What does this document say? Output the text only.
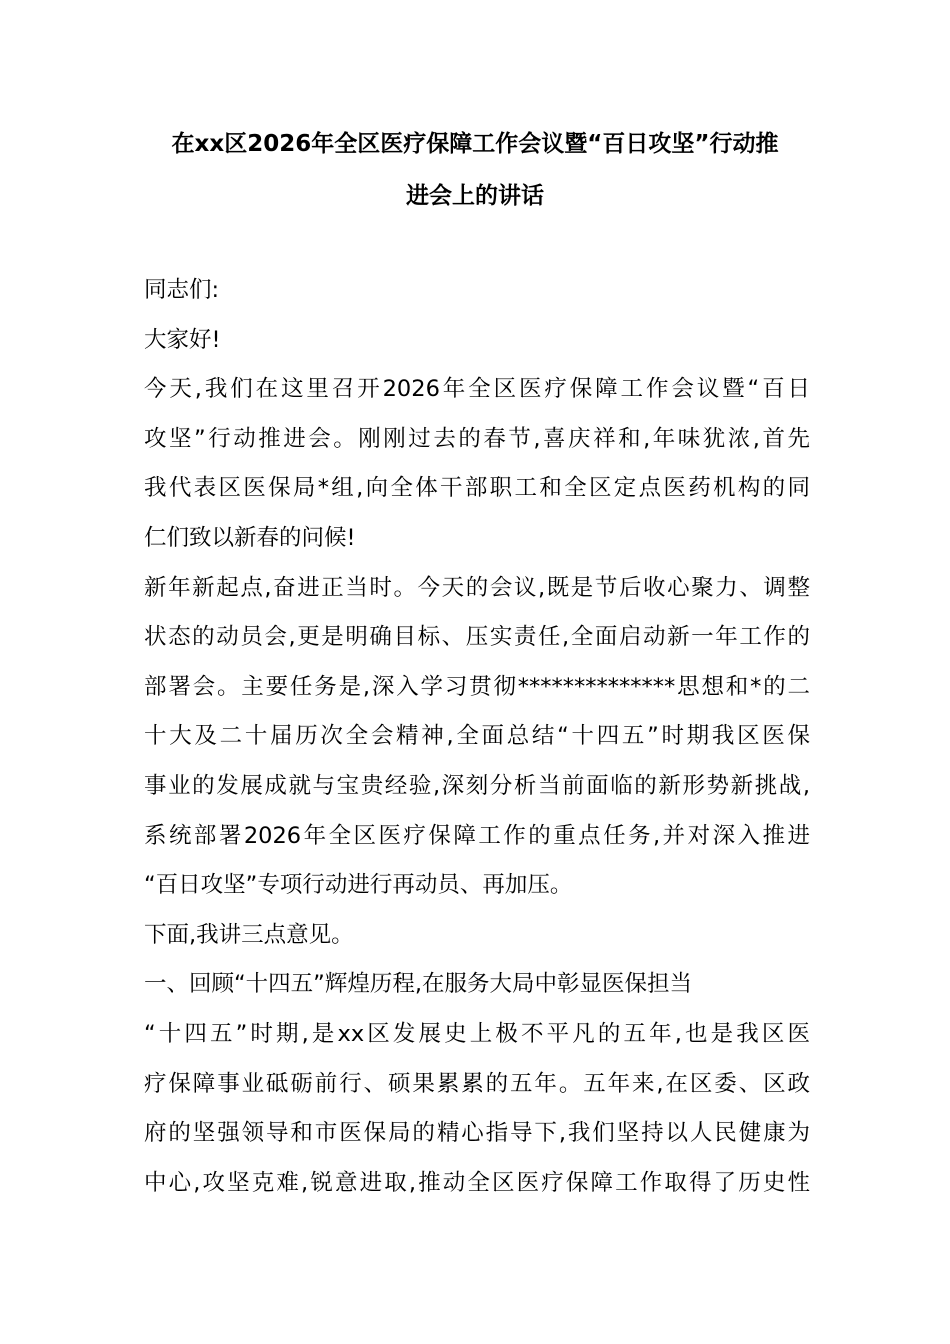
在xx区2026年全区医疗保障工作会议暨“百日攻坚”行动推
进会上的讲话
同志们:
大家好!
今天,我们在这里召开2026年全区医疗保障工作会议暨“百日
攻坚”行动推进会。刚刚过去的春节,喜庆祥和,年味犹浓,首先
我代表区医保局*组,向全体干部职工和全区定点医药机构的同
仁们致以新春的问候!
新年新起点,奋进正当时。今天的会议,既是节后收心聚力、调整
状态的动员会,更是明确目标、压实责任,全面启动新一年工作的
部署会。主要任务是,深入学习贯彻**************思想和*的二
十大及二十届历次全会精神,全面总结“十四五”时期我区医保
事业的发展成就与宝贵经验,深刻分析当前面临的新形势新挑战,
系统部署2026年全区医疗保障工作的重点任务,并对深入推进
“百日攻坚”专项行动进行再动员、再加压。
下面,我讲三点意见。
一、回顾“十四五”辉煌历程,在服务大局中彰显医保担当
“十四五”时期,是xx区发展史上极不平凡的五年,也是我区医
疗保障事业砥砺前行、硕果累累的五年。五年来,在区委、区政
府的坚强领导和市医保局的精心指导下,我们坚持以人民健康为
中心,攻坚克难,锐意进取,推动全区医疗保障工作取得了历史性
